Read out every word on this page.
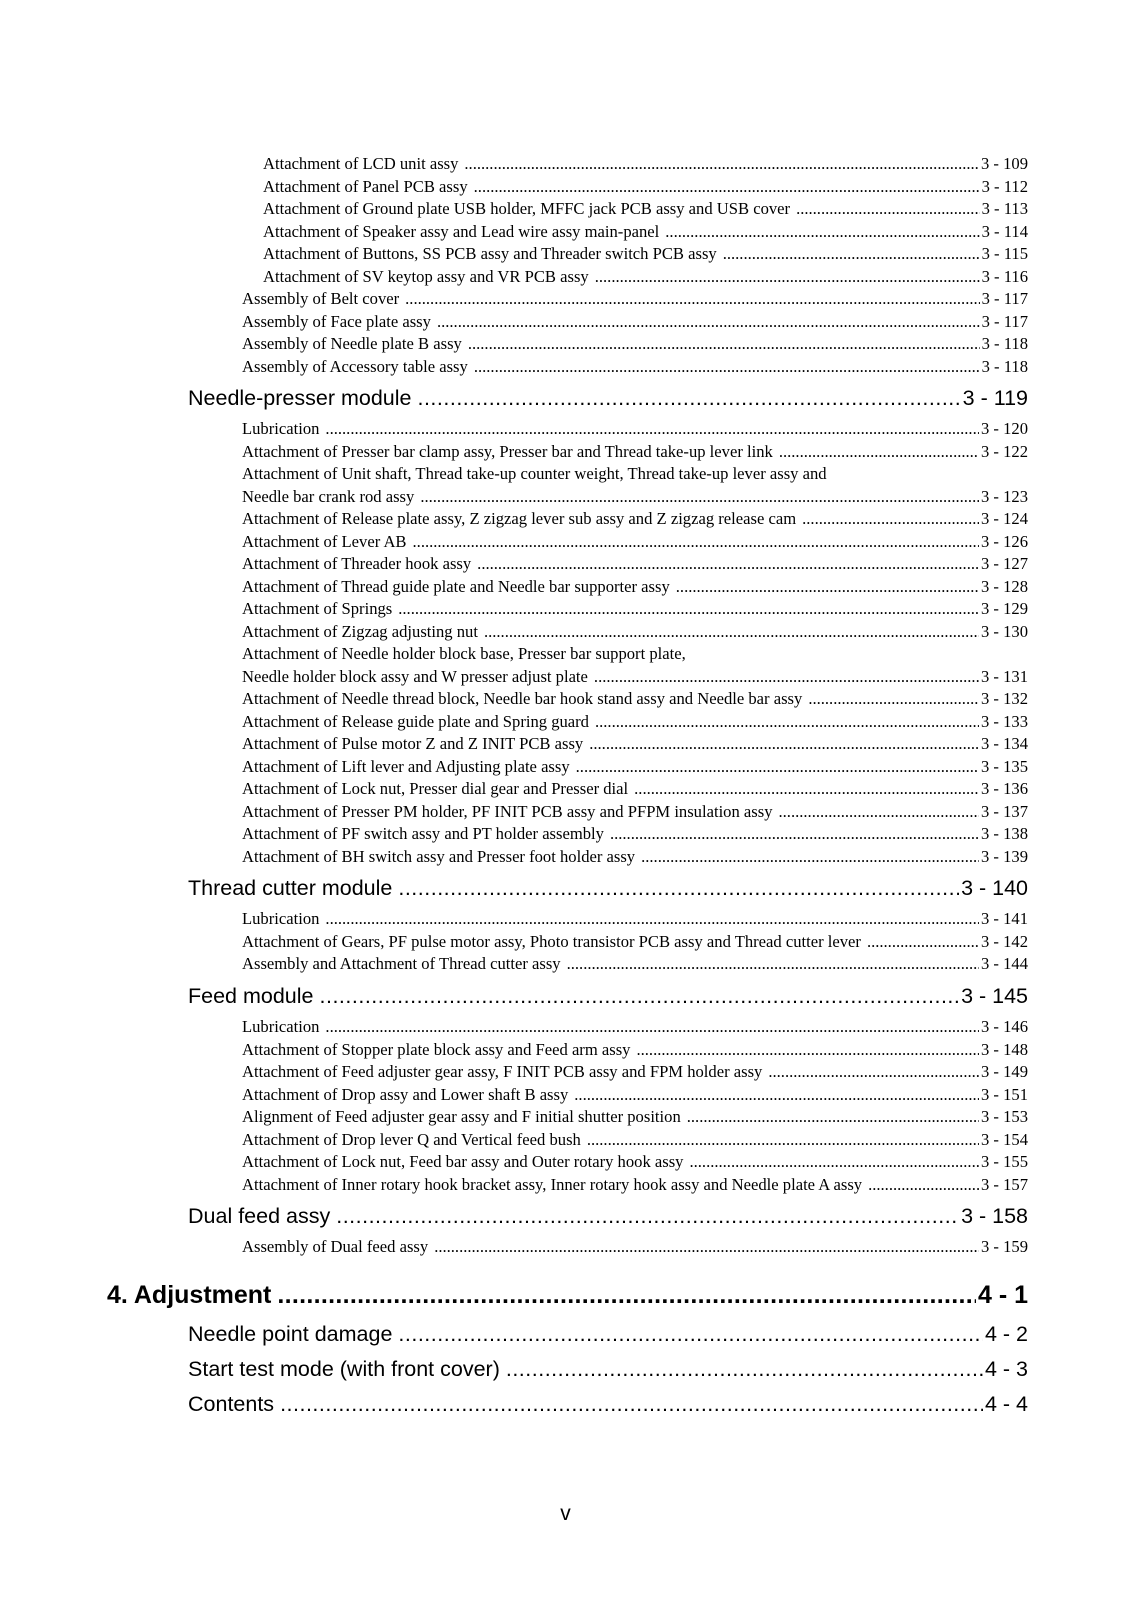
Attachment of LCD unit assy .....	3 - 109
Attachment of Panel PCB assy .....	3 - 112
Attachment of Ground plate USB holder, MFFC jack PCB assy and USB cover .....	3 - 113
Attachment of Speaker assy and Lead wire assy main-panel .....	3 - 114
Attachment of Buttons, SS PCB assy and Threader switch PCB assy .....	3 - 115
Attachment of SV keytop assy and VR PCB assy .....	3 - 116
Assembly of Belt cover .....	3 - 117
Assembly of Face plate assy .....	3 - 117
Assembly of Needle plate B assy .....	3 - 118
Assembly of Accessory table assy .....	3 - 118
Needle-presser module .....	3 - 119
Lubrication .....	3 - 120
Attachment of Presser bar clamp assy, Presser bar and Thread take-up lever link .....	3 - 122
Attachment of Unit shaft, Thread take-up counter weight, Thread take-up lever assy and
Needle bar crank rod assy .....	3 - 123
Attachment of Release plate assy, Z zigzag lever sub assy and Z zigzag release cam .....	3 - 124
Attachment of Lever AB .....	3 - 126
Attachment of Threader hook assy .....	3 - 127
Attachment of Thread guide plate and Needle bar supporter assy .....	3 - 128
Attachment of Springs .....	3 - 129
Attachment of Zigzag adjusting nut .....	3 - 130
Attachment of Needle holder block base, Presser bar support plate,
Needle holder block assy and W presser adjust plate .....	3 - 131
Attachment of Needle thread block, Needle bar hook stand assy and Needle bar assy .....	3 - 132
Attachment of Release guide plate and Spring guard .....	3 - 133
Attachment of Pulse motor Z and Z INIT PCB assy .....	3 - 134
Attachment of Lift lever and Adjusting plate assy .....	3 - 135
Attachment of Lock nut, Presser dial gear and Presser dial .....	3 - 136
Attachment of Presser PM holder, PF INIT PCB assy and PFPM insulation assy .....	3 - 137
Attachment of PF switch assy and PT holder assembly .....	3 - 138
Attachment of BH switch assy and Presser foot holder assy .....	3 - 139
Thread cutter module .....	3 - 140
Lubrication .....	3 - 141
Attachment of Gears, PF pulse motor assy, Photo transistor PCB assy and Thread cutter lever .....	3 - 142
Assembly and Attachment of Thread cutter assy .....	3 - 144
Feed module .....	3 - 145
Lubrication .....	3 - 146
Attachment of Stopper plate block assy and Feed arm assy .....	3 - 148
Attachment of Feed adjuster gear assy, F INIT PCB assy and FPM holder assy .....	3 - 149
Attachment of Drop assy and Lower shaft B assy .....	3 - 151
Alignment of Feed adjuster gear assy and F initial shutter position .....	3 - 153
Attachment of Drop lever Q and Vertical feed bush .....	3 - 154
Attachment of Lock nut, Feed bar assy and Outer rotary hook assy .....	3 - 155
Attachment of Inner rotary hook bracket assy, Inner rotary hook assy and Needle plate A assy .....	3 - 157
Dual feed assy .....	3 - 158
Assembly of Dual feed assy .....	3 - 159
4. Adjustment .....	4 - 1
Needle point damage .....	4 - 2
Start test mode (with front cover) .....	4 - 3
Contents .....	4 - 4
v
